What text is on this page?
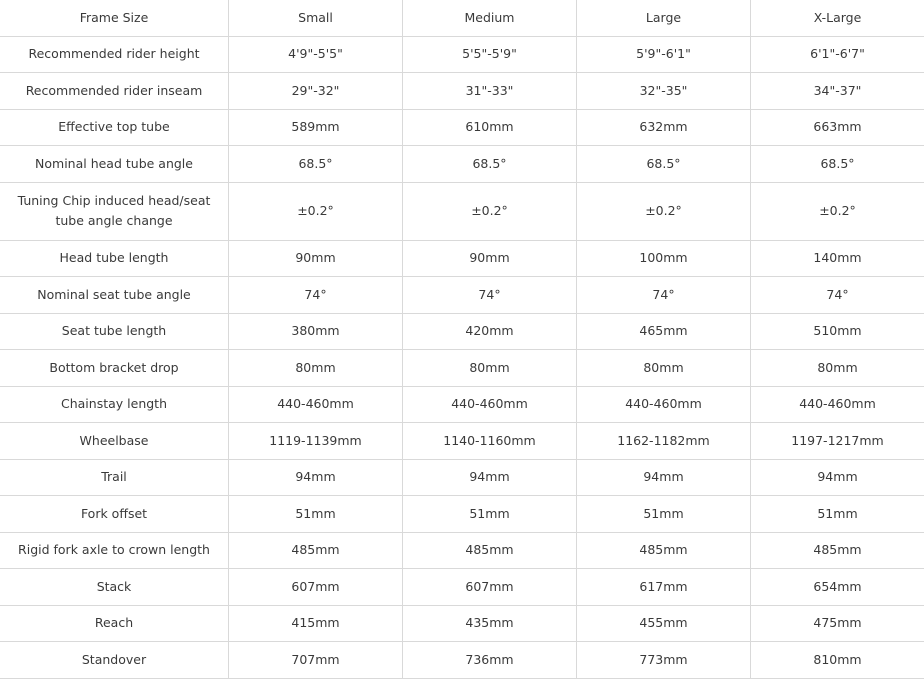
Frame Size	Small	Medium	Large	X-Large
Recommended rider height	4'9"-5'5"	5'5"-5'9"	5'9"-6'1"	6'1"-6'7"
Recommended rider inseam	29"-32"	31"-33"	32"-35"	34"-37"
Effective top tube	589mm	610mm	632mm	663mm
Nominal head tube angle	68.5°	68.5°	68.5°	68.5°
Tuning Chip induced head/seat tube angle change	±0.2°	±0.2°	±0.2°	±0.2°
Head tube length	90mm	90mm	100mm	140mm
Nominal seat tube angle	74°	74°	74°	74°
Seat tube length	380mm	420mm	465mm	510mm
Bottom bracket drop	80mm	80mm	80mm	80mm
Chainstay length	440-460mm	440-460mm	440-460mm	440-460mm
Wheelbase	1119-1139mm	1140-1160mm	1162-1182mm	1197-1217mm
Trail	94mm	94mm	94mm	94mm
Fork offset	51mm	51mm	51mm	51mm
Rigid fork axle to crown length	485mm	485mm	485mm	485mm
Stack	607mm	607mm	617mm	654mm
Reach	415mm	435mm	455mm	475mm
Standover	707mm	736mm	773mm	810mm
